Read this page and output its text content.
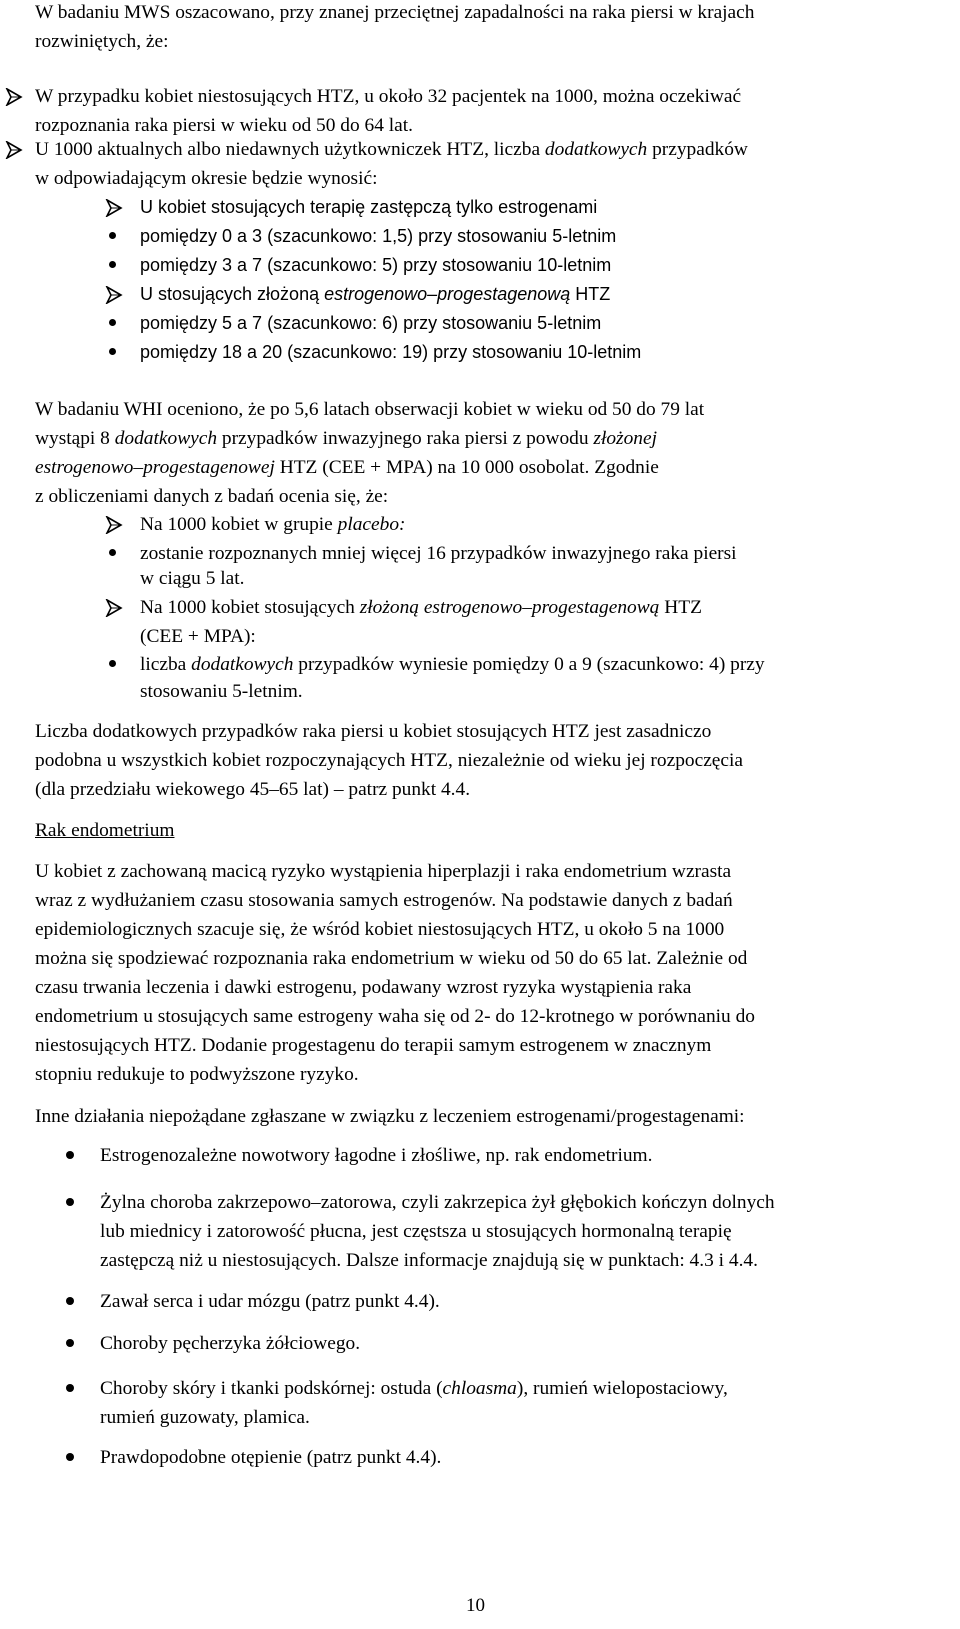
W badaniu MWS oszacowano, przy znanej przeciętnej zapadalności na raka piersi w krajach
rozwiniętych, że:
W przypadku kobiet niestosujących HTZ, u około 32 pacjentek na 1000, można oczekiwać
rozpoznania raka piersi w wieku od 50 do 64 lat.
U 1000 aktualnych albo niedawnych użytkowniczek HTZ, liczba dodatkowych przypadków
w odpowiadającym okresie będzie wynosić:
U kobiet stosujących terapię zastępczą tylko estrogenami
pomiędzy 0 a 3 (szacunkowo: 1,5) przy stosowaniu 5-letnim
pomiędzy 3 a 7 (szacunkowo: 5) przy stosowaniu 10-letnim
U stosujących złożoną estrogenowo–progestagenową HTZ
pomiędzy 5 a 7 (szacunkowo: 6) przy stosowaniu 5-letnim
pomiędzy 18 a 20 (szacunkowo: 19) przy stosowaniu 10-letnim
W badaniu WHI oceniono, że po 5,6 latach obserwacji kobiet w wieku od 50 do 79 lat
wystąpi 8 dodatkowych przypadków inwazyjnego raka piersi z powodu złożonej
estrogenowo–progestagenowej HTZ (CEE + MPA) na 10 000 osobolat. Zgodnie
z obliczeniami danych z badań ocenia się, że:
Na 1000 kobiet w grupie placebo:
zostanie rozpoznanych mniej więcej 16 przypadków inwazyjnego raka piersi
w ciągu 5 lat.
Na 1000 kobiet stosujących złożoną estrogenowo–progestagenową HTZ
(CEE + MPA):
liczba dodatkowych przypadków wyniesie pomiędzy 0 a 9 (szacunkowo: 4) przy
stosowaniu 5-letnim.
Liczba dodatkowych przypadków raka piersi u kobiet stosujących HTZ jest zasadniczo
podobna u wszystkich kobiet rozpoczynających HTZ, niezależnie od wieku jej rozpoczęcia
(dla przedziału wiekowego 45–65 lat) – patrz punkt 4.4.
Rak endometrium
U kobiet z zachowaną macicą ryzyko wystąpienia hiperplazji i raka endometrium wzrasta
wraz z wydłużaniem czasu stosowania samych estrogenów. Na podstawie danych z badań
epidemiologicznych szacuje się, że wśród kobiet niestosujących HTZ, u około 5 na 1000
można się spodziewać rozpoznania raka endometrium w wieku od 50 do 65 lat. Zależnie od
czasu trwania leczenia i dawki estrogenu, podawany wzrost ryzyka wystąpienia raka
endometrium u stosujących same estrogeny waha się od 2- do 12-krotnego w porównaniu do
niestosujących HTZ. Dodanie progestagenu do terapii samym estrogenem w znacznym
stopniu redukuje to podwyższone ryzyko.
Inne działania niepożądane zgłaszane w związku z leczeniem estrogenami/progestagenami:
Estrogenozależne nowotwory łagodne i złośliwe, np. rak endometrium.
Żylna choroba zakrzepowo–zatorowa, czyli zakrzepica żył głębokich kończyn dolnych
lub miednicy i zatorowość płucna, jest częstsza u stosujących hormonalną terapię
zastępczą niż u niestosujących. Dalsze informacje znajdują się w punktach: 4.3 i 4.4.
Zawał serca i udar mózgu (patrz punkt 4.4).
Choroby pęcherzyka żółciowego.
Choroby skóry i tkanki podskórnej: ostuda (chloasma), rumień wielopostaciowy,
rumień guzowaty, plamica.
Prawdopodobne otępienie (patrz punkt 4.4).
10
